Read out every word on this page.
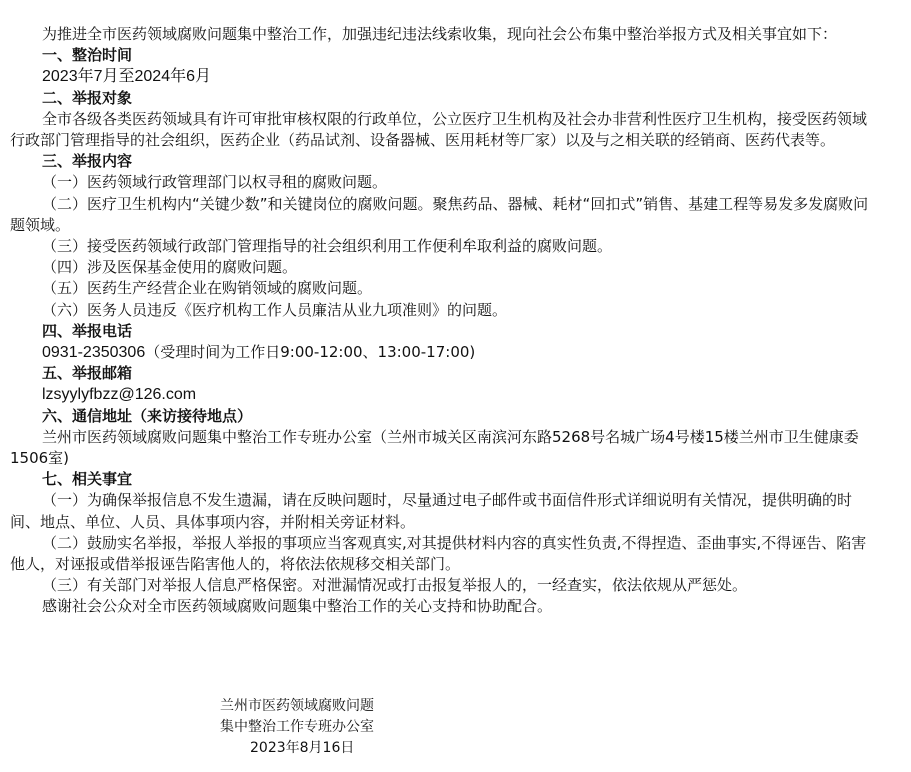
为推进全市医药领域腐败问题集中整治工作，加强违纪违法线索收集，现向社会公布集中整治举报方式及相关事宜如下：

一、整治时间

2023年7月至2024年6月

二、举报对象

全市各级各类医药领域具有许可审批审核权限的行政单位，公立医疗卫生机构及社会办非营利性医疗卫生机构，接受医药领域行政部门管理指导的社会组织，医药企业（药品试剂、设备器械、医用耗材等厂家）以及与之相关联的经销商、医药代表等。

三、举报内容

（一）医药领域行政管理部门以权寻租的腐败问题。

（二）医疗卫生机构内“关键少数”和关键岗位的腐败问题。聚焦药品、器械、耗材“回扣式”销售、基建工程等易发多发腐败问题领域。

（三）接受医药领域行政部门管理指导的社会组织利用工作便利牟取利益的腐败问题。

（四）涉及医保基金使用的腐败问题。

（五）医药生产经营企业在购销领域的腐败问题。

（六）医务人员违反《医疗机构工作人员廉洁从业九项准则》的问题。

四、举报电话

0931-2350306（受理时间为工作日9:00-12:00、13:00-17:00)

五、举报邮箱

lzsyylyfbzz@126.com

六、通信地址（来访接待地点）

兰州市医药领域腐败问题集中整治工作专班办公室（兰州市城关区南滨河东路5268号名城广场4号楼15楼兰州市卫生健康委1506室)

七、相关事宜

（一）为确保举报信息不发生遗漏，请在反映问题时，尽量通过电子邮件或书面信件形式详细说明有关情况，提供明确的时间、地点、单位、人员、具体事项内容，并附相关旁证材料。

（二）鼓励实名举报，举报人举报的事项应当客观真实,对其提供材料内容的真实性负责,不得捏造、歪曲事实,不得诬告、陷害他人，对诬报或借举报诬告陷害他人的，将依法依规移交相关部门。

（三）有关部门对举报人信息严格保密。对泄漏情况或打击报复举报人的，一经查实，依法依规从严惩处。

感谢社会公众对全市医药领域腐败问题集中整治工作的关心支持和协助配合。

兰州市医药领域腐败问题
集中整治工作专班办公室
2023年8月16日
